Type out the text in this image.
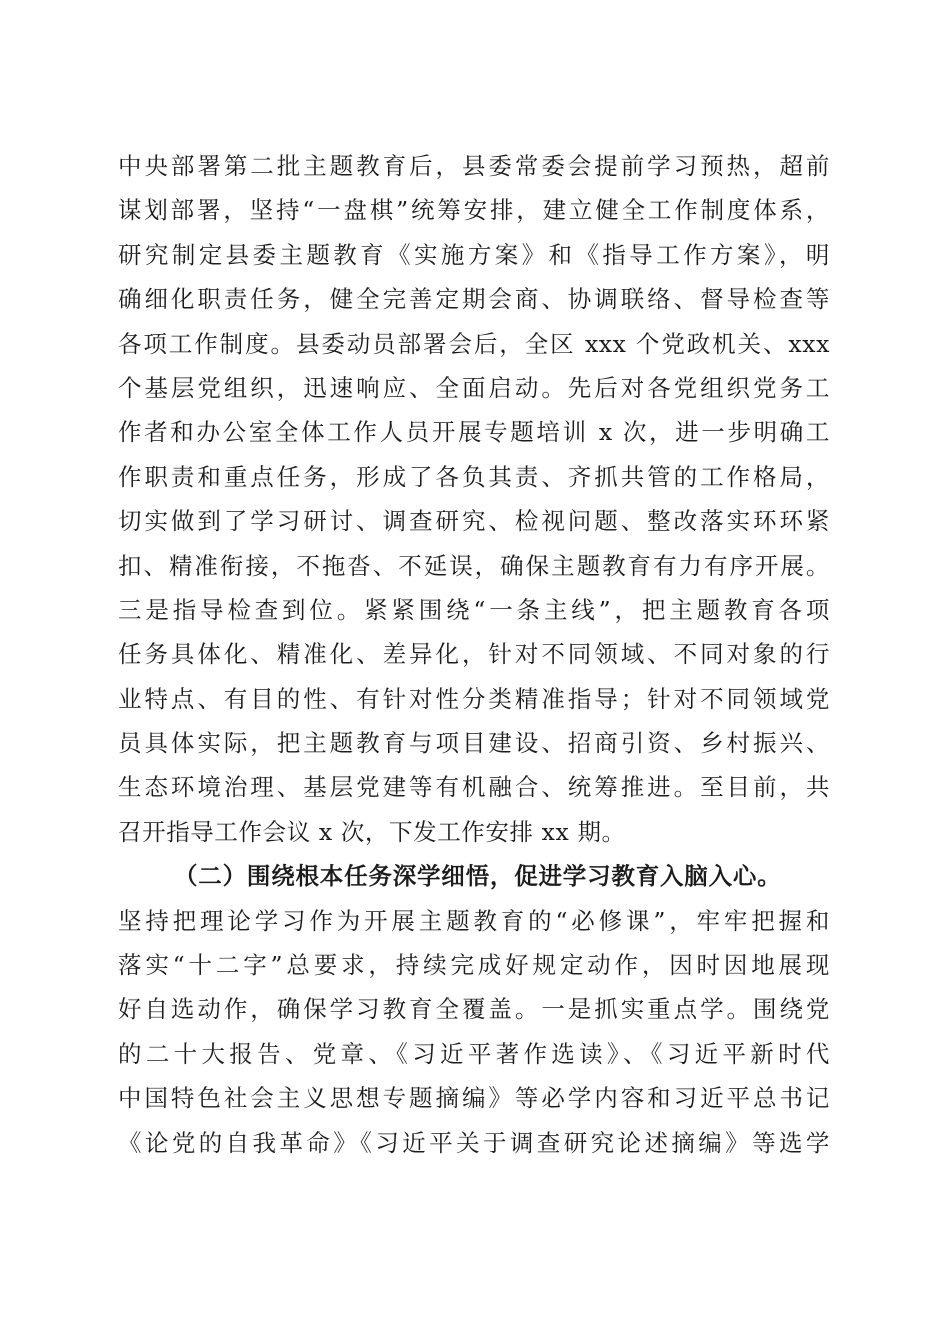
中央部署第二批主题教育后，县委常委会提前学习预热，超前
谋划部署，坚持“一盘棋”统筹安排，建立健全工作制度体系，
研究制定县委主题教育《实施方案》和《指导工作方案》，明
确细化职责任务，健全完善定期会商、协调联络、督导检查等
各项工作制度。县委动员部署会后，全区 xxx 个党政机关、xxx
个基层党组织，迅速响应、全面启动。先后对各党组织党务工
作者和办公室全体工作人员开展专题培训 x 次，进一步明确工
作职责和重点任务，形成了各负其责、齐抓共管的工作格局，
切实做到了学习研讨、调查研究、检视问题、整改落实环环紧
扣、精准衔接，不拖沓、不延误，确保主题教育有力有序开展。
三是指导检查到位。紧紧围绕“一条主线”，把主题教育各项
任务具体化、精准化、差异化，针对不同领域、不同对象的行
业特点、有目的性、有针对性分类精准指导；针对不同领域党
员具体实际，把主题教育与项目建设、招商引资、乡村振兴、
生态环境治理、基层党建等有机融合、统筹推进。至目前，共
召开指导工作会议 x 次，下发工作安排 xx 期。
（二）围绕根本任务深学细悟，促进学习教育入脑入心。
坚持把理论学习作为开展主题教育的“必修课”，牢牢把握和
落实“十二字”总要求，持续完成好规定动作，因时因地展现
好自选动作，确保学习教育全覆盖。一是抓实重点学。围绕党
的二十大报告、党章、《习近平著作选读》、《习近平新时代
中国特色社会主义思想专题摘编》等必学内容和习近平总书记
《论党的自我革命》《习近平关于调查研究论述摘编》等选学
